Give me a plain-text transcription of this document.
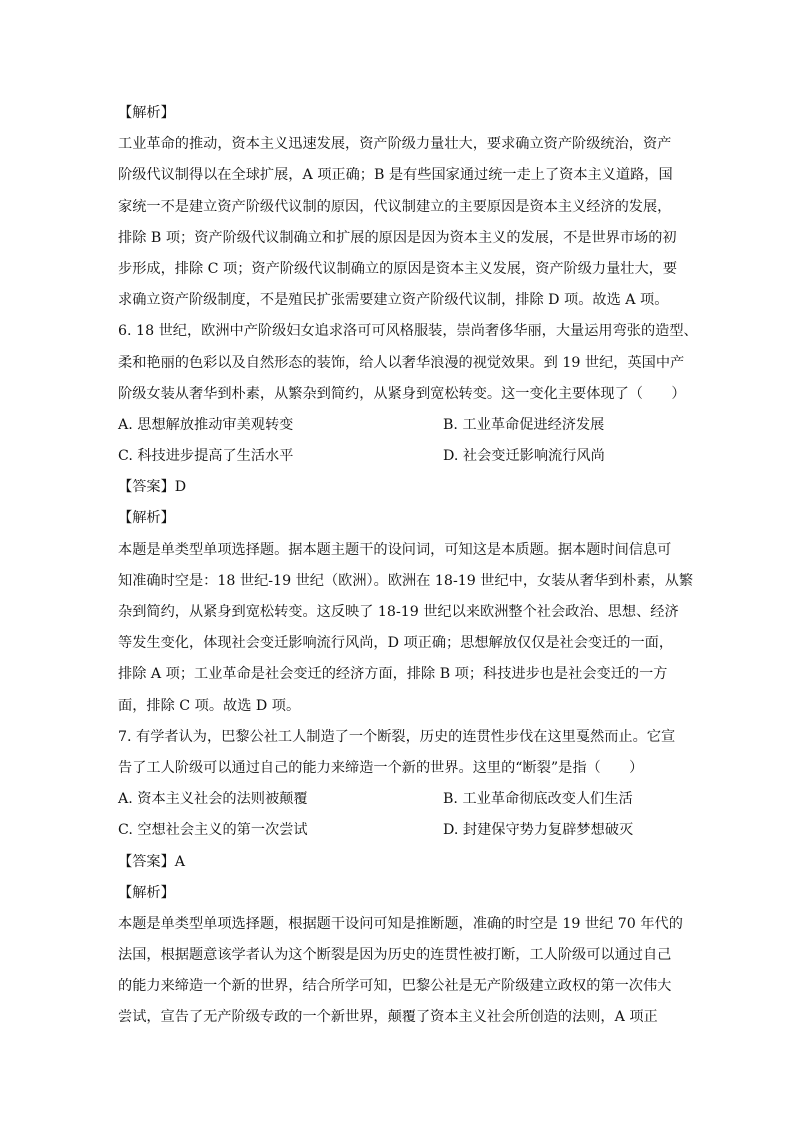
【解析】
工业革命的推动，资本主义迅速发展，资产阶级力量壮大，要求确立资产阶级统治，资产
阶级代议制得以在全球扩展，A 项正确；B 是有些国家通过统一走上了资本主义道路，国
家统一不是建立资产阶级代议制的原因，代议制建立的主要原因是资本主义经济的发展，
排除 B 项；资产阶级代议制确立和扩展的原因是因为资本主义的发展，不是世界市场的初
步形成，排除 C 项；资产阶级代议制确立的原因是资本主义发展，资产阶级力量壮大，要
求确立资产阶级制度，不是殖民扩张需要建立资产阶级代议制，排除 D 项。故选 A 项。
6. 18 世纪，欧洲中产阶级妇女追求洛可可风格服装，崇尚奢侈华丽，大量运用弯张的造型、
柔和艳丽的色彩以及自然形态的装饰，给人以奢华浪漫的视觉效果。到 19 世纪，英国中产
阶级女装从奢华到朴素，从繁杂到简约，从紧身到宽松转变。这一变化主要体现了（　　）
A. 思想解放推动审美观转变	B. 工业革命促进经济发展
C. 科技进步提高了生活水平	D. 社会变迁影响流行风尚
【答案】D
【解析】
本题是单类型单项选择题。据本题主题干的设问词，可知这是本质题。据本题时间信息可
知准确时空是：18 世纪-19 世纪（欧洲）。欧洲在 18-19 世纪中，女装从奢华到朴素，从繁
杂到简约，从紧身到宽松转变。这反映了 18-19 世纪以来欧洲整个社会政治、思想、经济
等发生变化，体现社会变迁影响流行风尚，D 项正确；思想解放仅仅是社会变迁的一面，
排除 A 项；工业革命是社会变迁的经济方面，排除 B 项；科技进步也是社会变迁的一方
面，排除 C 项。故选 D 项。
7. 有学者认为，巴黎公社工人制造了一个断裂，历史的连贯性步伐在这里戛然而止。它宣
告了工人阶级可以通过自己的能力来缔造一个新的世界。这里的“断裂”是指（　　）
A. 资本主义社会的法则被颠覆	B. 工业革命彻底改变人们生活
C. 空想社会主义的第一次尝试	D. 封建保守势力复辟梦想破灭
【答案】A
【解析】
本题是单类型单项选择题，根据题干设问可知是推断题，准确的时空是 19 世纪 70 年代的
法国，根据题意该学者认为这个断裂是因为历史的连贯性被打断，工人阶级可以通过自己
的能力来缔造一个新的世界，结合所学可知，巴黎公社是无产阶级建立政权的第一次伟大
尝试，宣告了无产阶级专政的一个新世界，颠覆了资本主义社会所创造的法则，A 项正
